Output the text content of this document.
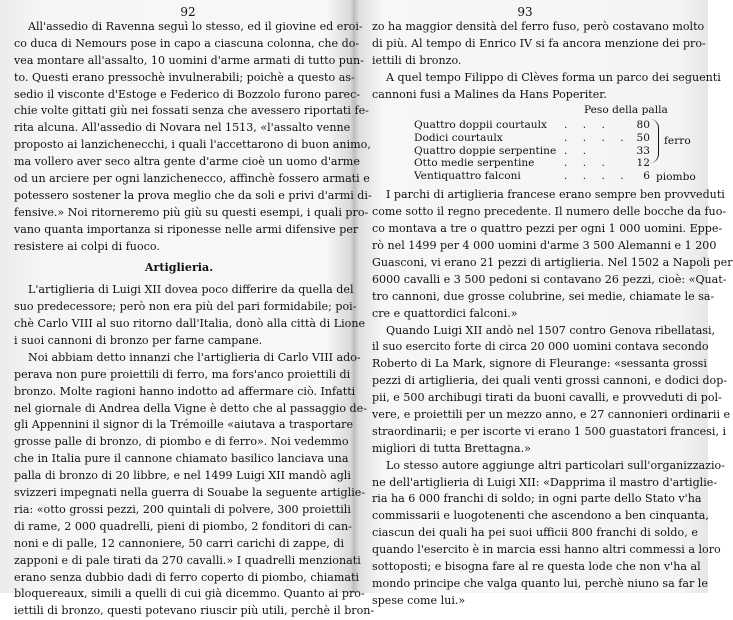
92
All'assedio di Ravenna seguì lo stesso, ed il giovine ed eroi-
co duca di Nemours pose in capo a ciascuna colonna, che do-
vea montare all'assalto, 10 uomini d'arme armati di tutto pun-
to. Questi erano pressochè invulnerabili; poichè a questo as-
sedio il visconte d'Estoge e Federico di Bozzolo furono parec-
chie volte gittati giù nei fossati senza che avessero riportati fe-
rita alcuna. All'assedio di Novara nel 1513, «l'assalto venne
proposto ai lanzichenecchi, i quali l'accettarono di buon animo,
ma vollero aver seco altra gente d'arme cioè un uomo d'arme
od un arciere per ogni lanzichenecco, affinchè fossero armati e
potessero sostener la prova meglio che da soli e privi d'armi di-
fensive.» Noi ritorneremo più giù su questi esempi, i quali pro-
vano quanta importanza si riponesse nelle armi difensive per
resistere ai colpi di fuoco.
Artiglieria.
L'artiglieria di Luigi XII dovea poco differire da quella del
suo predecessore; però non era più del pari formidabile; poi-
chè Carlo VIII al suo ritorno dall'Italia, donò alla città di Lione
i suoi cannoni di bronzo per farne campane.
Noi abbiam detto innanzi che l'artiglieria di Carlo VIII ado-
perava non pure proiettili di ferro, ma fors'anco proiettili di
bronzo. Molte ragioni hanno indotto ad affermare ciò. Infatti
nel giornale di Andrea della Vigne è detto che al passaggio de-
gli Appennini il signor di la Trémoille «aiutava a trasportare
grosse palle di bronzo, di piombo e di ferro». Noi vedemmo
che in Italia pure il cannone chiamato basilico lanciava una
palla di bronzo di 20 libbre, e nel 1499 Luigi XII mandò agli
svizzeri impegnati nella guerra di Souabe la seguente artiglie-
ria: «otto grossi pezzi, 200 quintali di polvere, 300 proiettili
di rame, 2 000 quadrelli, pieni di piombo, 2 fonditori di can-
noni e di palle, 12 cannoniere, 50 carri carichi di zappe, di
zapponi e di pale tirati da 270 cavalli.» I quadrelli menzionati
erano senza dubbio dadi di ferro coperto di piombo, chiamati
bloquereaux, simili a quelli di cui già dicemmo. Quanto ai pro-
iettili di bronzo, questi potevano riuscir più utili, perchè il bron-
93
zo ha maggior densità del ferro fuso, però costavano molto
di più. Al tempo di Enrico IV si fa ancora menzione dei pro-
iettili di bronzo.
A quel tempo Filippo di Clèves forma un parco dei seguenti
cannoni fusi a Malines da Hans Poperiter.
Peso della palla
Quattro doppii courtaulx . . .	80
Dodici courtaulx	. . . . 50
Quattro doppie serpentine . .	33
Otto medie serpentine	. . .	12
Ventiquattro falconi	. . . .	6
ferro
piombo
I parchi di artiglieria francese erano sempre ben provveduti
come sotto il regno precedente. Il numero delle bocche da fuo-
co montava a tre o quattro pezzi per ogni 1 000 uomini. Eppe-
rò nel 1499 per 4 000 uomini d'arme 3 500 Alemanni e 1 200
Guasconi, vi erano 21 pezzi di artiglieria. Nel 1502 a Napoli per
6000 cavalli e 3 500 pedoni si contavano 26 pezzi, cioè: «Quat-
tro cannoni, due grosse colubrine, sei medie, chiamate le sa-
cre e quattordici falconi.»
Quando Luigi XII andò nel 1507 contro Genova ribellatasi,
il suo esercito forte di circa 20 000 uomini contava secondo
Roberto di La Mark, signore di Fleurange: «sessanta grossi
pezzi di artiglieria, dei quali venti grossi cannoni, e dodici dop-
pii, e 500 archibugi tirati da buoni cavalli, e provveduti di pol-
vere, e proiettili per un mezzo anno, e 27 cannonieri ordinarii e
straordinarii; e per iscorte vi erano 1 500 guastatori francesi, i
migliori di tutta Brettagna.»
Lo stesso autore aggiunge altri particolari sull'organizzazio-
ne dell'artiglieria di Luigi XII: «Dapprima il mastro d'artiglie-
ria ha 6 000 franchi di soldo; in ogni parte dello Stato v'ha
commissarii e luogotenenti che ascendono a ben cinquanta,
ciascun dei quali ha pei suoi ufficii 800 franchi di soldo, e
quando l'esercito è in marcia essi hanno altri commessi a loro
sottoposti; e bisogna fare al re questa lode che non v'ha al
mondo principe che valga quanto lui, perchè niuno sa far le
spese come lui.»
